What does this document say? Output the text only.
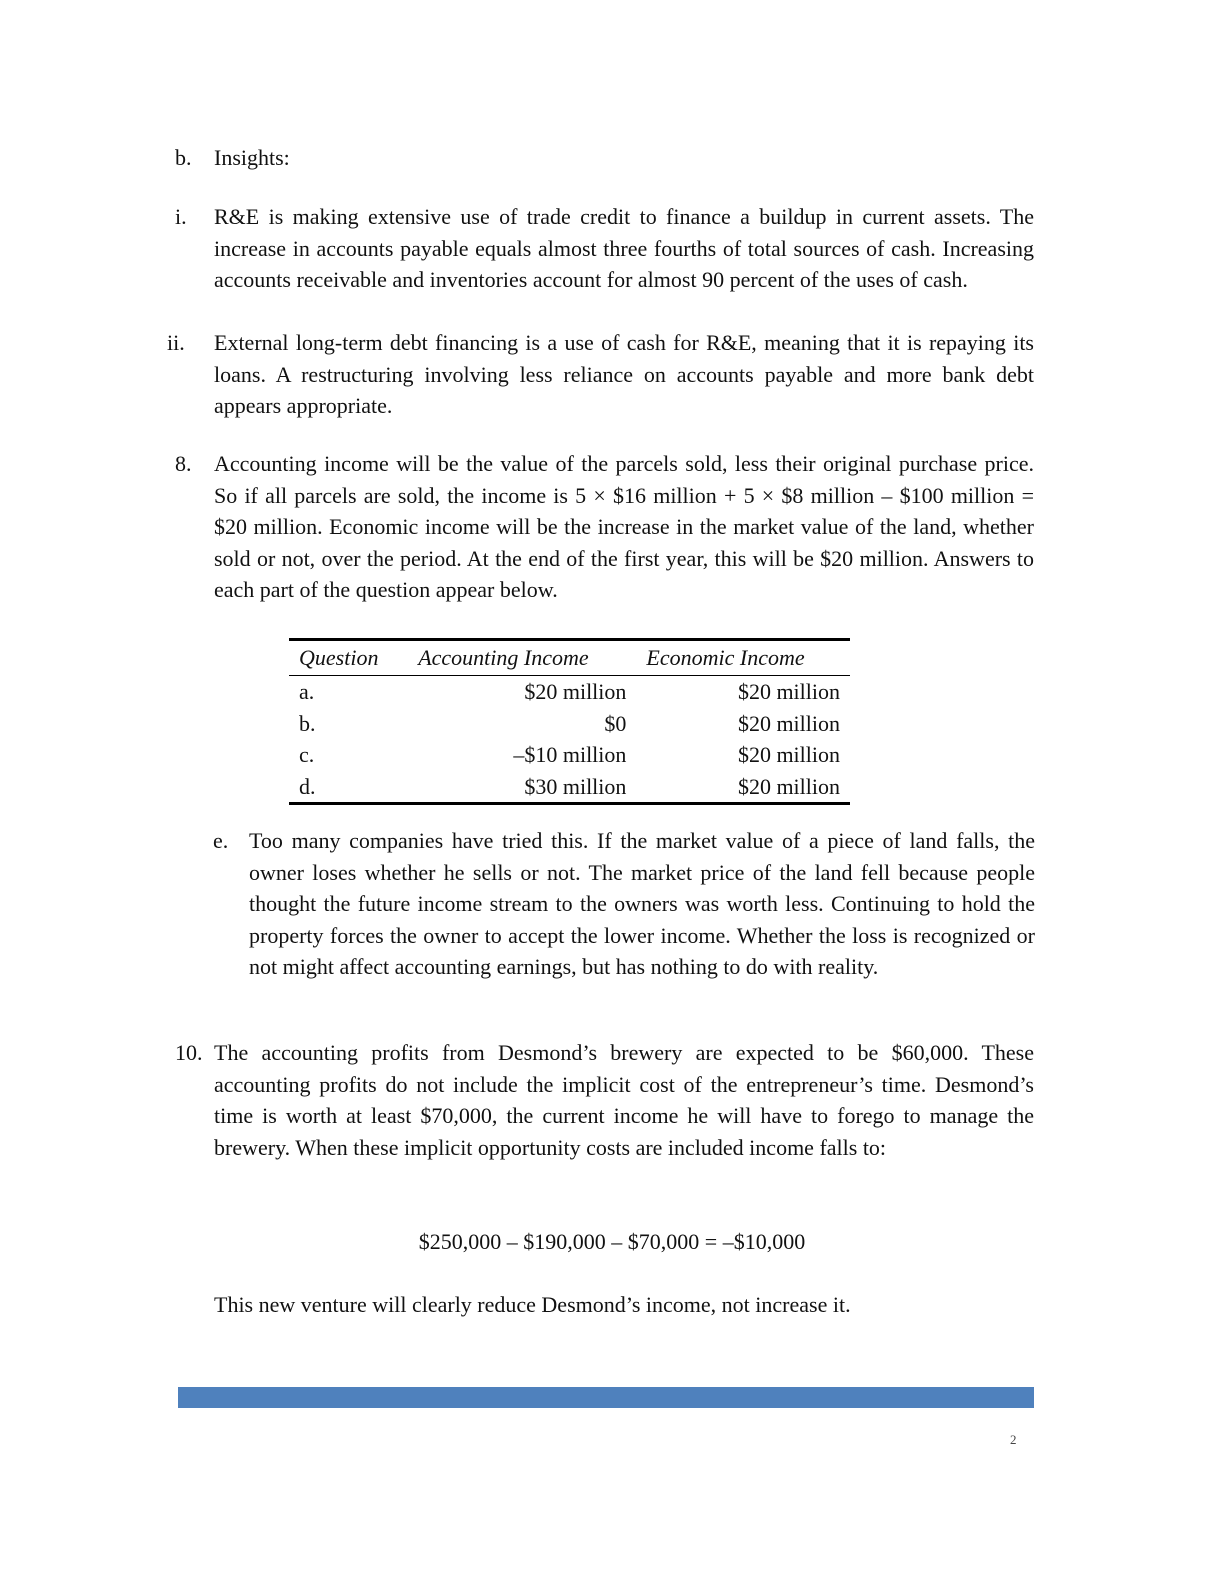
b. Insights:
i. R&E is making extensive use of trade credit to finance a buildup in current assets. The increase in accounts payable equals almost three fourths of total sources of cash. Increasing accounts receivable and inventories account for almost 90 percent of the uses of cash.
ii. External long-term debt financing is a use of cash for R&E, meaning that it is repaying its loans. A restructuring involving less reliance on accounts payable and more bank debt appears appropriate.
8. Accounting income will be the value of the parcels sold, less their original purchase price. So if all parcels are sold, the income is 5 × $16 million + 5 × $8 million – $100 million = $20 million. Economic income will be the increase in the market value of the land, whether sold or not, over the period. At the end of the first year, this will be $20 million. Answers to each part of the question appear below.
Question	Accounting Income	Economic Income
a.	$20 million	$20 million
b.	$0	$20 million
c.	–$10 million	$20 million
d.	$30 million	$20 million
e. Too many companies have tried this. If the market value of a piece of land falls, the owner loses whether he sells or not. The market price of the land fell because people thought the future income stream to the owners was worth less. Continuing to hold the property forces the owner to accept the lower income. Whether the loss is recognized or not might affect accounting earnings, but has nothing to do with reality.
10. The accounting profits from Desmond’s brewery are expected to be $60,000. These accounting profits do not include the implicit cost of the entrepreneur’s time. Desmond’s time is worth at least $70,000, the current income he will have to forego to manage the brewery. When these implicit opportunity costs are included income falls to:
$250,000 – $190,000 – $70,000 = –$10,000
This new venture will clearly reduce Desmond’s income, not increase it.
2
